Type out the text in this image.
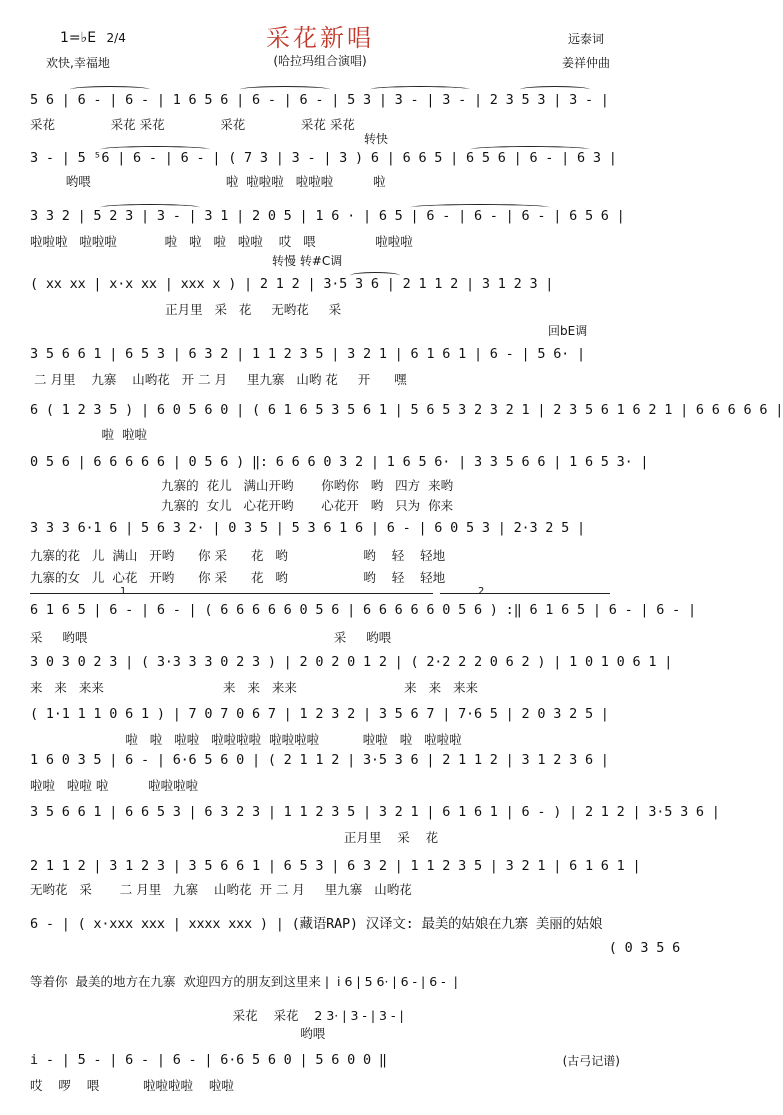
1=♭E 2/4	采花新唱
欢快,幸福地	(哈拉玛组合演唱)
远泰词
姜祥仲曲
5 6 | 6 - | 6 - | 1 6 5 6 | 6 - | 6 - | 5 3 | 3 - | 3 - | 2 3 5 3 | 3 - |
采花              采花 采花              采花              采花 采花
3 - | 5 ⁵6 | 6 - | 6 - | ( 7 3 | 3 - | 3 ) 6 | 6 6 5 | 6 5 6 | 6 - | 6 3 |
哟喂                                  啦  啦啦啦   啦啦啦          啦
3 3 2 | 5 2 3 | 3 - | 3 1 | 2 0 5 | 1 6 · | 6 5 | 6 - | 6 - | 6 - | 6 5 6 |
啦啦啦   啦啦啦            啦   啦   啦   啦啦    哎   喂               啦啦啦
( xx xx | x·x xx | xxx x ) | 2 1 2 | 3·5 3 6 | 2 1 1 2 | 3 1 2 3 |
正月里   采   花     无哟花     采
3 5 6 6 1 | 6 5 3 | 6 3 2 | 1 1 2 3 5 | 3 2 1 | 6 1 6 1 | 6 - | 5 6· |
二 月里    九寨    山哟花   开 二 月     里九寨   山哟 花     开      嘿
6 ( 1 2 3 5 ) | 6 0 5 6 0 | ( 6 1 6 5 3 5 6 1 | 5 6 5 3 2 3 2 1 | 2 3 5 6 1 6 2 1 | 6 6 6 6 6 |
啦  啦啦
0 5 6 | 6 6 6 6 6 | 0 5 6 ) ‖: 6 6 6 0 3 2 | 1 6 5 6· | 3 3 5 6 6 | 1 6 5 3· |
九寨的  花儿   满山开哟       你哟你   哟   四方  来哟
九寨的  女儿   心花开哟       心花开   哟   只为  你来
3 3 3 6·1 6 | 5 6 3 2· | 0 3 5 | 5 3 6 1 6 | 6 - | 6 0 5 3 | 2·3 2 5 |
九寨的花   儿  满山   开哟      你 采      花   哟                   哟    轻    轻地
九寨的女   儿  心花   开哟      你 采      花   哟                   哟    轻    轻地
6 1 6 5 | 6 - | 6 - | ( 6 6 6 6 6 0 5 6 | 6 6 6 6 6 0 5 6 ) :‖ 6 1 6 5 | 6 - | 6 - |
采     哟喂                                                              采     哟喂
3 0 3 0 2 3 | ( 3·3 3 3 0 2 3 ) | 2 0 2 0 1 2 | ( 2·2 2 2 0 6 2 ) | 1 0 1 0 6 1 |
来   来   来来                              来   来   来来                           来   来   来来
( 1·1 1 1 0 6 1 ) | 7 0 7 0 6 7 | 1 2 3 2 | 3 5 6 7 | 7·6 5 | 2 0 3 2 5 |
啦   啦   啦啦   啦啦啦啦  啦啦啦啦           啦啦   啦   啦啦啦
1 6 0 3 5 | 6 - | 6·6 5 6 0 | ( 2 1 1 2 | 3·5 3 6 | 2 1 1 2 | 3 1 2 3 6 |
啦啦   啦啦 啦          啦啦啦啦
3 5 6 6 1 | 6 6 5 3 | 6 3 2 3 | 1 1 2 3 5 | 3 2 1 | 6 1 6 1 | 6 - ) | 2 1 2 | 3·5 3 6 |
正月里    采    花
2 1 1 2 | 3 1 2 3 | 3 5 6 6 1 | 6 5 3 | 6 3 2 | 1 1 2 3 5 | 3 2 1 | 6 1 6 1 |
无哟花   采       二 月里   九寨    山哟花  开 二 月     里九寨   山哟花
6 - | ( x·xxx xxx | xxxx xxx ) | (藏语RAP) 汉译文: 最美的姑娘在九寨 美丽的姑娘
( 0 3 5 6
等着你  最美的地方在九寨  欢迎四方的朋友到这里来 |  i 6 | 5 6· | 6 - | 6 -  |
采花    采花    2 3· | 3 - | 3 - |
哟喂
i - | 5 - | 6 - | 6 - | 6·6 5 6 0 | 5 6 0 0 ‖
哎    啰    喂           啦啦啦啦    啦啦
转快
转慢 转#C调
回bE调
1	2
(古弓记谱)
